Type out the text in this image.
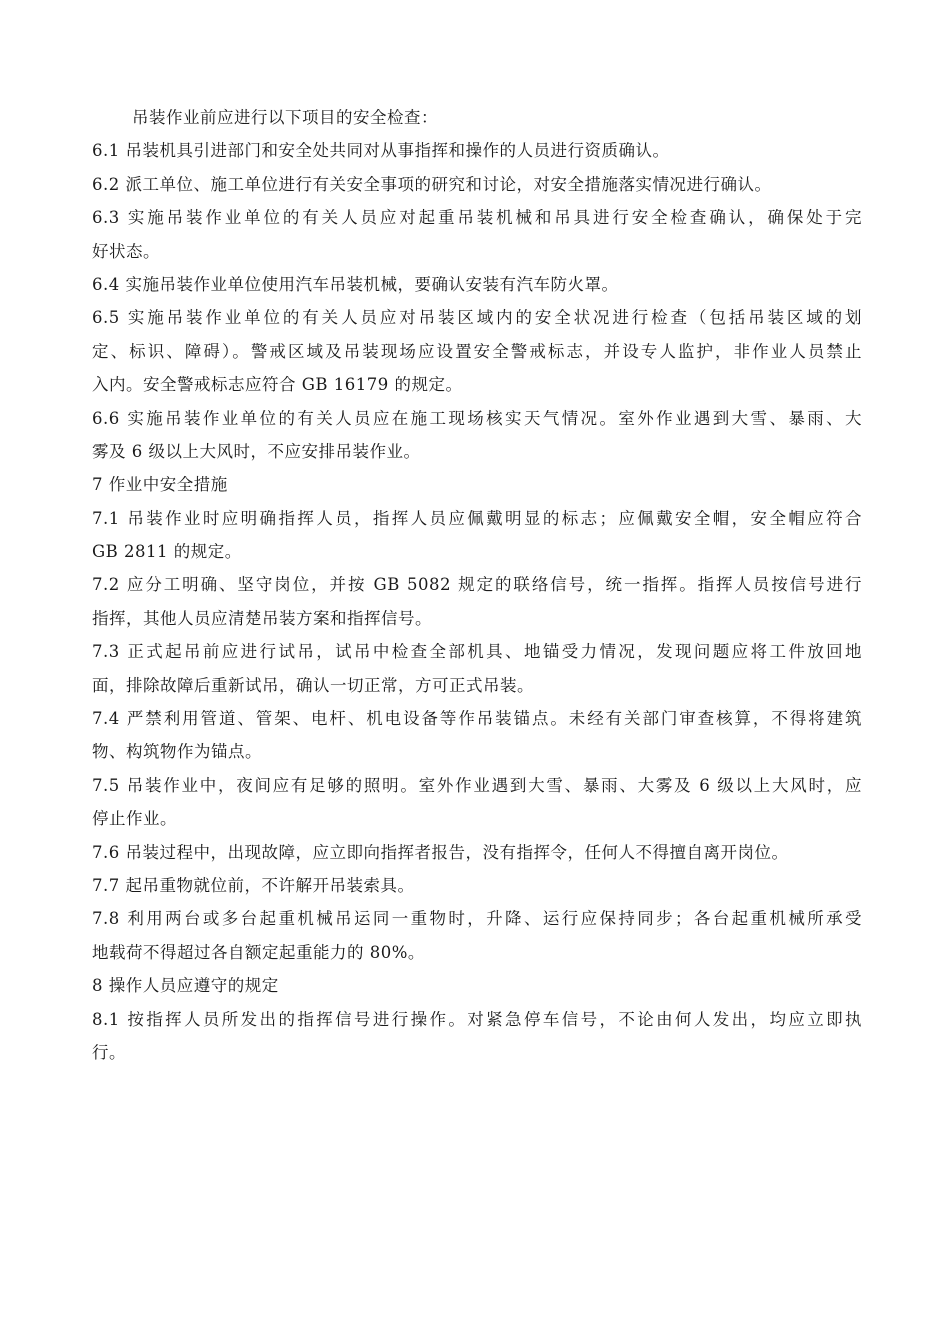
吊装作业前应进行以下项目的安全检查：
6.1 吊装机具引进部门和安全处共同对从事指挥和操作的人员进行资质确认。
6.2 派工单位、施工单位进行有关安全事项的研究和讨论，对安全措施落实情况进行确认。
6.3 实施吊装作业单位的有关人员应对起重吊装机械和吊具进行安全检查确认，确保处于完
好状态。
6.4 实施吊装作业单位使用汽车吊装机械，要确认安装有汽车防火罩。
6.5 实施吊装作业单位的有关人员应对吊装区域内的安全状况进行检查（包括吊装区域的划
定、标识、障碍）。警戒区域及吊装现场应设置安全警戒标志，并设专人监护，非作业人员禁止
入内。安全警戒标志应符合 GB 16179 的规定。
6.6 实施吊装作业单位的有关人员应在施工现场核实天气情况。室外作业遇到大雪、暴雨、大
雾及 6 级以上大风时，不应安排吊装作业。
7 作业中安全措施
7.1 吊装作业时应明确指挥人员，指挥人员应佩戴明显的标志；应佩戴安全帽，安全帽应符合
GB 2811 的规定。
7.2 应分工明确、坚守岗位，并按 GB 5082 规定的联络信号，统一指挥。指挥人员按信号进行
指挥，其他人员应清楚吊装方案和指挥信号。
7.3 正式起吊前应进行试吊，试吊中检查全部机具、地锚受力情况，发现问题应将工件放回地
面，排除故障后重新试吊，确认一切正常，方可正式吊装。
7.4 严禁利用管道、管架、电杆、机电设备等作吊装锚点。未经有关部门审查核算，不得将建筑
物、构筑物作为锚点。
7.5 吊装作业中，夜间应有足够的照明。室外作业遇到大雪、暴雨、大雾及 6 级以上大风时，应
停止作业。
7.6 吊装过程中，出现故障，应立即向指挥者报告，没有指挥令，任何人不得擅自离开岗位。
7.7 起吊重物就位前，不许解开吊装索具。
7.8 利用两台或多台起重机械吊运同一重物时，升降、运行应保持同步；各台起重机械所承受
地载荷不得超过各自额定起重能力的 80%。
8 操作人员应遵守的规定
8.1 按指挥人员所发出的指挥信号进行操作。对紧急停车信号，不论由何人发出，均应立即执
行。
